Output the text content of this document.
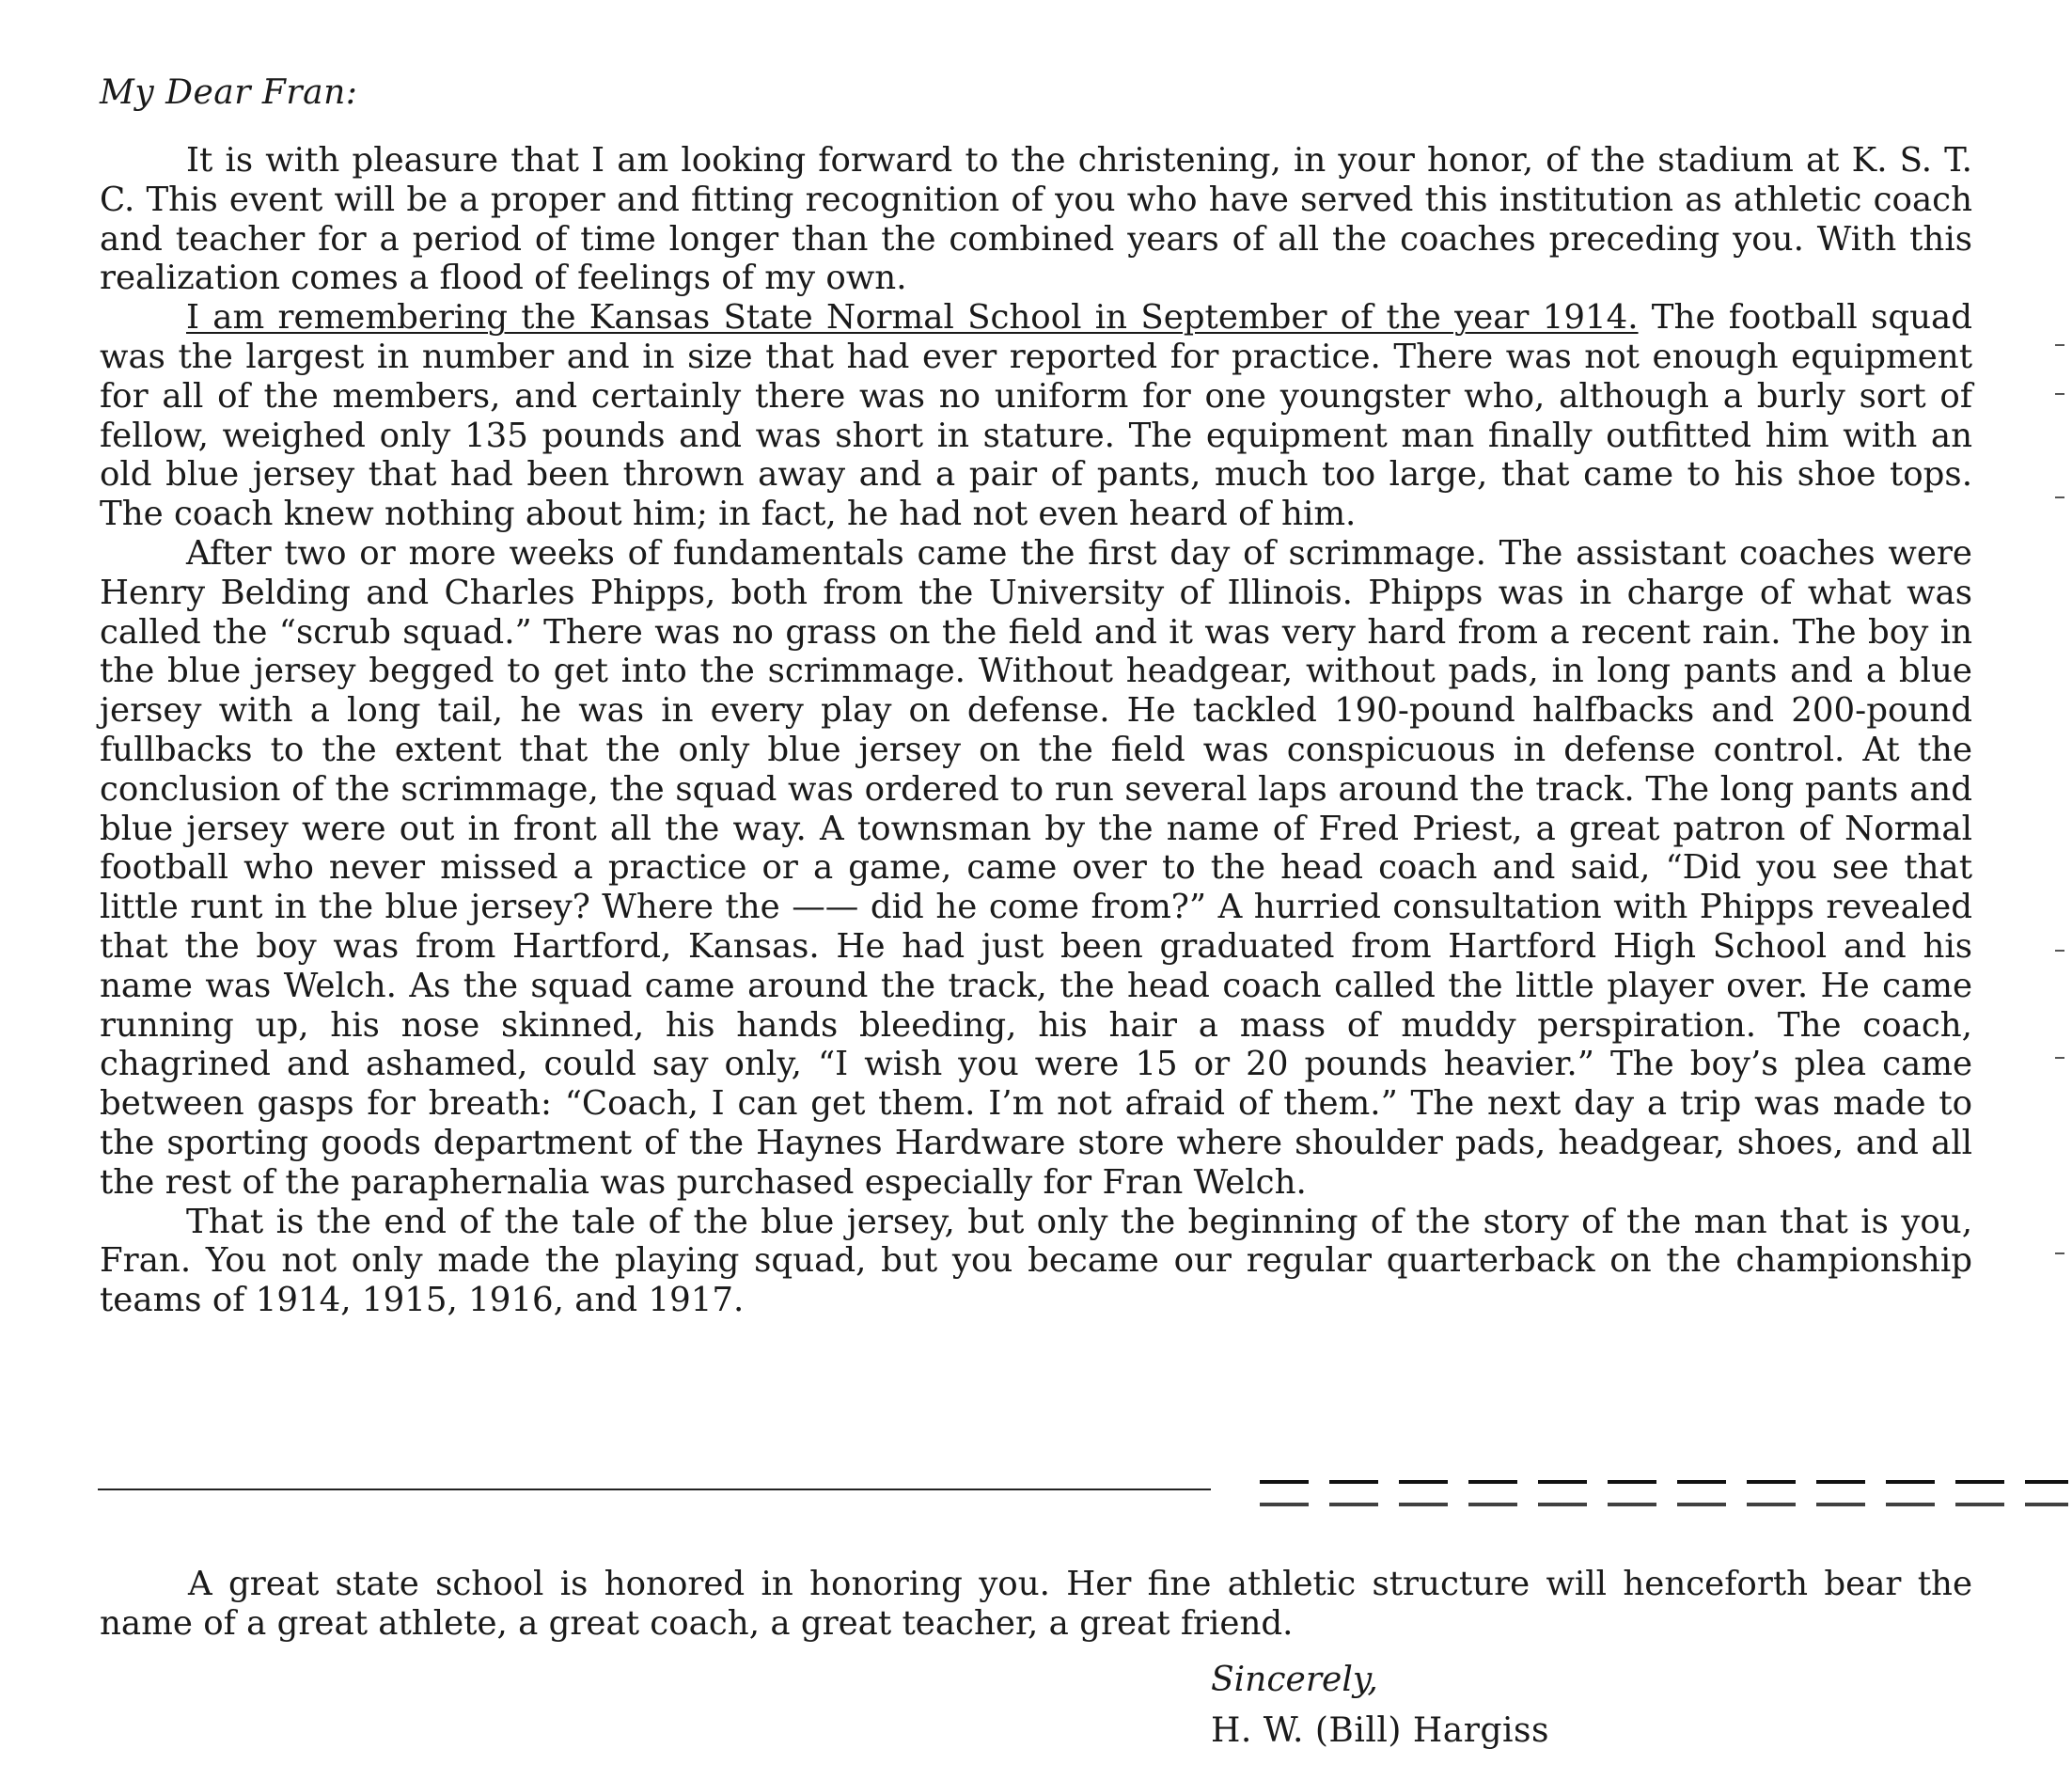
My Dear Fran:

It is with pleasure that I am looking forward to the christening, in your honor, of the stadium at K. S. T. C. This event will be a proper and fitting recognition of you who have served this institution as athletic coach and teacher for a period of time longer than the combined years of all the coaches preceding you. With this realization comes a flood of feelings of my own.

I am remembering the Kansas State Normal School in September of the year 1914. The football squad was the largest in number and in size that had ever reported for practice. There was not enough equipment for all of the members, and certainly there was no uniform for one youngster who, although a burly sort of fellow, weighed only 135 pounds and was short in stature. The equipment man finally outfitted him with an old blue jersey that had been thrown away and a pair of pants, much too large, that came to his shoe tops. The coach knew nothing about him; in fact, he had not even heard of him.

After two or more weeks of fundamentals came the first day of scrimmage. The assistant coaches were Henry Belding and Charles Phipps, both from the University of Illinois. Phipps was in charge of what was called the “scrub squad.” There was no grass on the field and it was very hard from a recent rain. The boy in the blue jersey begged to get into the scrimmage. Without headgear, without pads, in long pants and a blue jersey with a long tail, he was in every play on defense. He tackled 190-pound halfbacks and 200-pound fullbacks to the extent that the only blue jersey on the field was conspicuous in defense control. At the conclusion of the scrimmage, the squad was ordered to run several laps around the track. The long pants and blue jersey were out in front all the way. A townsman by the name of Fred Priest, a great patron of Normal football who never missed a practice or a game, came over to the head coach and said, “Did you see that little runt in the blue jersey? Where the —— did he come from?” A hurried consultation with Phipps revealed that the boy was from Hartford, Kansas. He had just been graduated from Hartford High School and his name was Welch. As the squad came around the track, the head coach called the little player over. He came running up, his nose skinned, his hands bleeding, his hair a mass of muddy perspiration. The coach, chagrined and ashamed, could say only, “I wish you were 15 or 20 pounds heavier.” The boy’s plea came between gasps for breath: “Coach, I can get them. I’m not afraid of them.” The next day a trip was made to the sporting goods department of the Haynes Hardware store where shoulder pads, headgear, shoes, and all the rest of the paraphernalia was purchased especially for Fran Welch.

That is the end of the tale of the blue jersey, but only the beginning of the story of the man that is you, Fran. You not only made the playing squad, but you became our regular quarterback on the championship teams of 1914, 1915, 1916, and 1917.

A great state school is honored in honoring you. Her fine athletic structure will henceforth bear the name of a great athlete, a great coach, a great teacher, a great friend.

Sincerely,

H. W. (Bill) Hargiss
